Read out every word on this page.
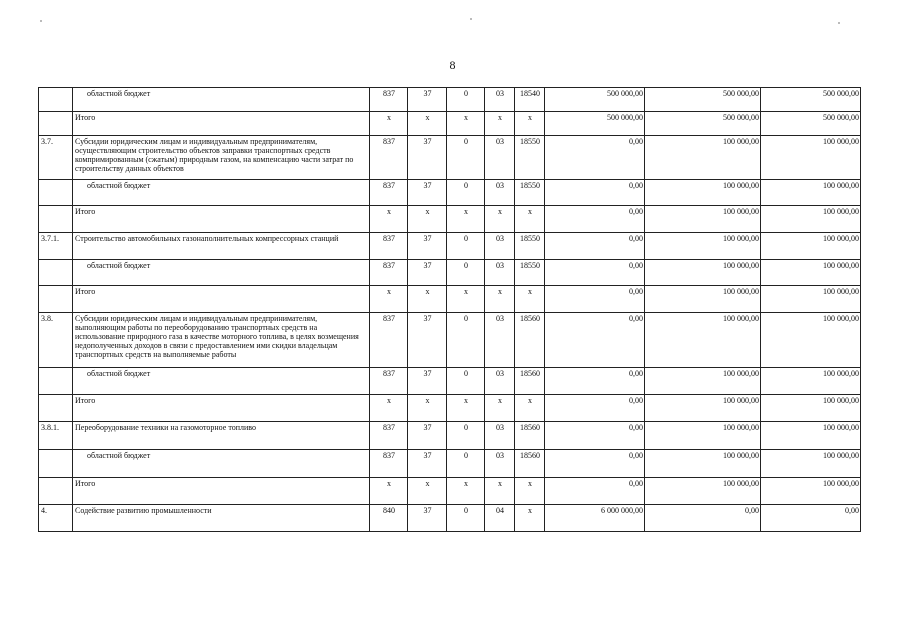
8
	областной бюджет	837	37	0	03	18540	500 000,00	500 000,00	500 000,00
	Итого	x	x	x	x	x	500 000,00	500 000,00	500 000,00
3.7.	Субсидии юридическим лицам и индивидуальным предпринимателям, осуществляющим строительство объектов заправки транспортных средств компримированным (сжатым) природным газом, на компенсацию части затрат по строительству данных объектов	837	37	0	03	18550	0,00	100 000,00	100 000,00
	областной бюджет	837	37	0	03	18550	0,00	100 000,00	100 000,00
	Итого	x	x	x	x	x	0,00	100 000,00	100 000,00
3.7.1.	Строительство автомобильных газонаполнительных компрессорных станций	837	37	0	03	18550	0,00	100 000,00	100 000,00
	областной бюджет	837	37	0	03	18550	0,00	100 000,00	100 000,00
	Итого	x	x	x	x	x	0,00	100 000,00	100 000,00
3.8.	Субсидии юридическим лицам и индивидуальным предпринимателям, выполняющим работы по переоборудованию транспортных средств на использование природного газа в качестве моторного топлива, в целях возмещения недополученных доходов в связи с предоставлением ими скидки владельцам транспортных средств на выполняемые работы	837	37	0	03	18560	0,00	100 000,00	100 000,00
	областной бюджет	837	37	0	03	18560	0,00	100 000,00	100 000,00
	Итого	x	x	x	x	x	0,00	100 000,00	100 000,00
3.8.1.	Переоборудование техники на газомоторное топливо	837	37	0	03	18560	0,00	100 000,00	100 000,00
	областной бюджет	837	37	0	03	18560	0,00	100 000,00	100 000,00
	Итого	x	x	x	x	x	0,00	100 000,00	100 000,00
4.	Содействие развитию промышленности	840	37	0	04	x	6 000 000,00	0,00	0,00
